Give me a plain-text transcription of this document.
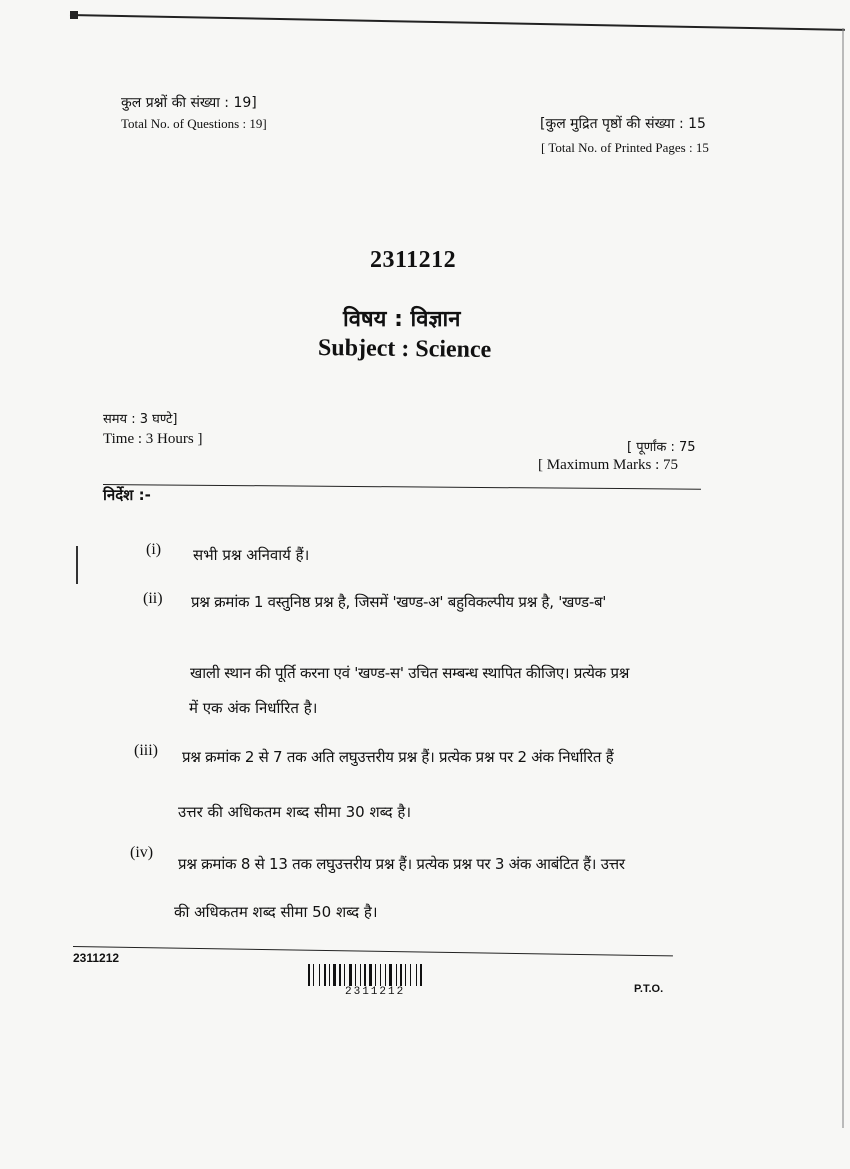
कुल प्रश्नों की संख्या : 19]
Total No. of Questions : 19]	[कुल मुद्रित पृष्ठों की संख्या : 15
[ Total No. of Printed Pages : 15
2311212
विषय : विज्ञान
Subject : Science
समय : 3 घण्टे]
Time : 3 Hours ]
[ पूर्णांक : 75
[ Maximum Marks : 75
निर्देश :-
(i) सभी प्रश्न अनिवार्य हैं।
(ii) प्रश्न क्रमांक 1 वस्तुनिष्ठ प्रश्न है, जिसमें 'खण्ड-अ' बहुविकल्पीय प्रश्न है, 'खण्ड-ब'
खाली स्थान की पूर्ति करना एवं 'खण्ड-स' उचित सम्बन्ध स्थापित कीजिए। प्रत्येक प्रश्न
में एक अंक निर्धारित है।
(iii) प्रश्न क्रमांक 2 से 7 तक अति लघुउत्तरीय प्रश्न हैं। प्रत्येक प्रश्न पर 2 अंक निर्धारित हैं
उत्तर की अधिकतम शब्द सीमा 30 शब्द है।
(iv)
प्रश्न क्रमांक 8 से 13 तक लघुउत्तरीय प्रश्न हैं। प्रत्येक प्रश्न पर 3 अंक आबंटित हैं। उत्तर
की अधिकतम शब्द सीमा 50 शब्द है।
2311212
2311212	P.T.O.
